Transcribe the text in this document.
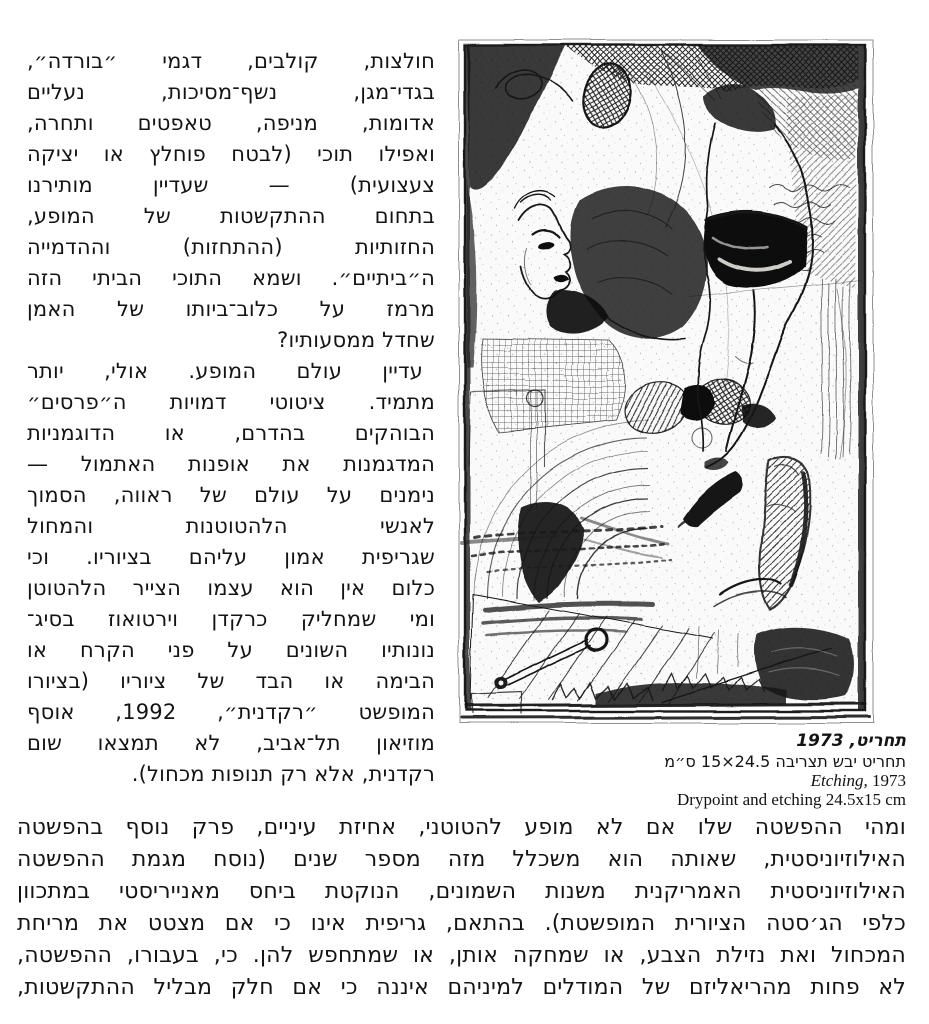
חולצות, קולבים, דגמי ״בורדה״,
בגדי־מגן, נשף־מסיכות, נעליים
אדומות, מניפה, טאפטים ותחרה,
ואפילו תוכי (לבטח פוחלץ או יציקה
צעצועית) — שעדיין מותירנו
בתחום ההתקשטות של המופע,
החזותיות (ההתחזות) וההדמייה
ה״ביתיים״. ושמא התוכי הביתי הזה
מרמז על כלוב־ביותו של האמן
שחדל ממסעותיו?
עדיין עולם המופע. אולי, יותר
מתמיד. ציטוטי דמויות ה״פרסים״
הבוהקים בהדרם, או הדוגמניות
המדגמנות את אופנות האתמול —
נימנים על עולם של ראווה, הסמוך
לאנשי הלהטוטנות והמחול
שגריפית אמון עליהם בציוריו. וכי
כלום אין הוא עצמו הצייר הלהטוטן
ומי שמחליק כרקדן וירטואוז בסיג־
נונותיו השונים על פני הקרח או
הבימה או הבד של ציוריו (בציורו
המופשט ״רקדנית״, 1992, אוסף
מוזיאון תל־אביב, לא תמצאו שום
רקדנית, אלא רק תנופות מכחול).
תחריט, 1973
תחריט יבש תצריבה 24.5×15 ס״מ
Etching, 1973
Drypoint and etching 24.5x15 cm
ומהי ההפשטה שלו אם לא מופע להטוטני, אחיזת עיניים, פרק נוסף בהפשטה
האילוזיוניסטית, שאותה הוא משכלל מזה מספר שנים (נוסח מגמת ההפשטה
האילוזיוניסטית האמריקנית משנות השמונים, הנוקטת ביחס מאנייריסטי במתכוון
כלפי הג׳סטה הציורית המופשטת). בהתאם, גריפית אינו כי אם מצטט את מריחת
המכחול ואת נזילת הצבע, או שמחקה אותן, או שמתחפש להן. כי, בעבורו, ההפשטה,
לא פחות מהריאליזם של המודלים למיניהם איננה כי אם חלק מבליל ההתקשטות,
